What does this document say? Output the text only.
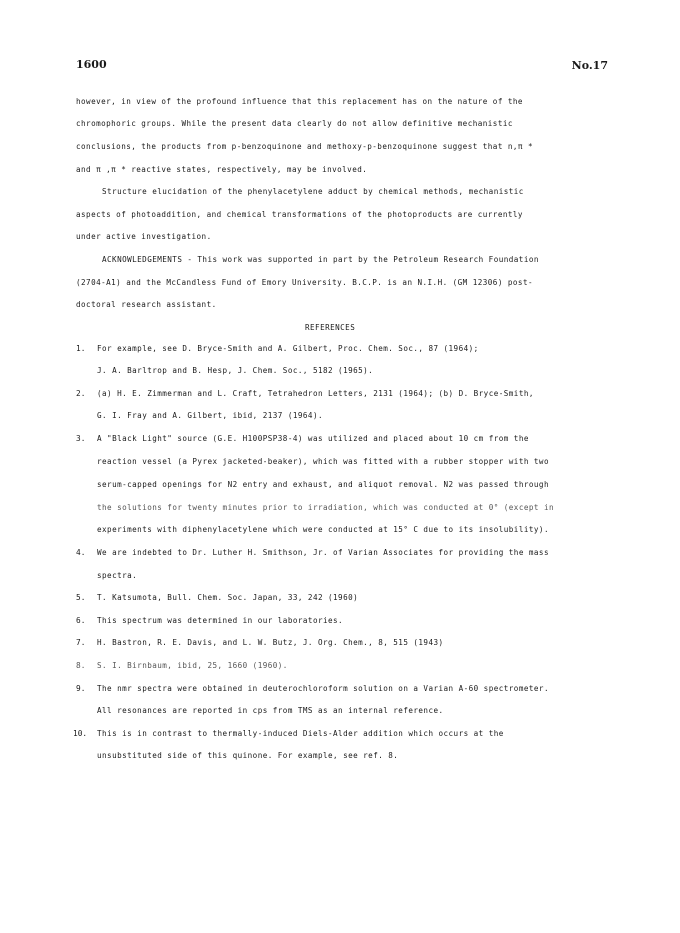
1600	No.17
however, in view of the profound influence that this replacement has on the nature of the
chromophoric groups. While the present data clearly do not allow definitive mechanistic
conclusions, the products from p-benzoquinone and methoxy-p-benzoquinone suggest that n,π *
and π ,π * reactive states, respectively, may be involved.
Structure elucidation of the phenylacetylene adduct by chemical methods, mechanistic
aspects of photoaddition, and chemical transformations of the photoproducts are currently
under active investigation.
ACKNOWLEDGEMENTS - This work was supported in part by the Petroleum Research Foundation
(2704-A1) and the McCandless Fund of Emory University. B.C.P. is an N.I.H. (GM 12306) post-
doctoral research assistant.
REFERENCES
1. For example, see D. Bryce-Smith and A. Gilbert, Proc. Chem. Soc., 87 (1964);
J. A. Barltrop and B. Hesp, J. Chem. Soc., 5182 (1965).
2. (a) H. E. Zimmerman and L. Craft, Tetrahedron Letters, 2131 (1964); (b) D. Bryce-Smith,
G. I. Fray and A. Gilbert, ibid, 2137 (1964).
3. A "Black Light" source (G.E. H100PSP38-4) was utilized and placed about 10 cm from the
reaction vessel (a Pyrex jacketed-beaker), which was fitted with a rubber stopper with two
serum-capped openings for N2 entry and exhaust, and aliquot removal. N2 was passed through
the solutions for twenty minutes prior to irradiation, which was conducted at 0° (except in
experiments with diphenylacetylene which were conducted at 15° C due to its insolubility).
4. We are indebted to Dr. Luther H. Smithson, Jr. of Varian Associates for providing the mass
spectra.
5. T. Katsumota, Bull. Chem. Soc. Japan, 33, 242 (1960)
6. This spectrum was determined in our laboratories.
7. H. Bastron, R. E. Davis, and L. W. Butz, J. Org. Chem., 8, 515 (1943)
8. S. I. Birnbaum, ibid, 25, 1660 (1960).
9. The nmr spectra were obtained in deuterochloroform solution on a Varian A-60 spectrometer.
All resonances are reported in cps from TMS as an internal reference.
10. This is in contrast to thermally-induced Diels-Alder addition which occurs at the
unsubstituted side of this quinone. For example, see ref. 8.
